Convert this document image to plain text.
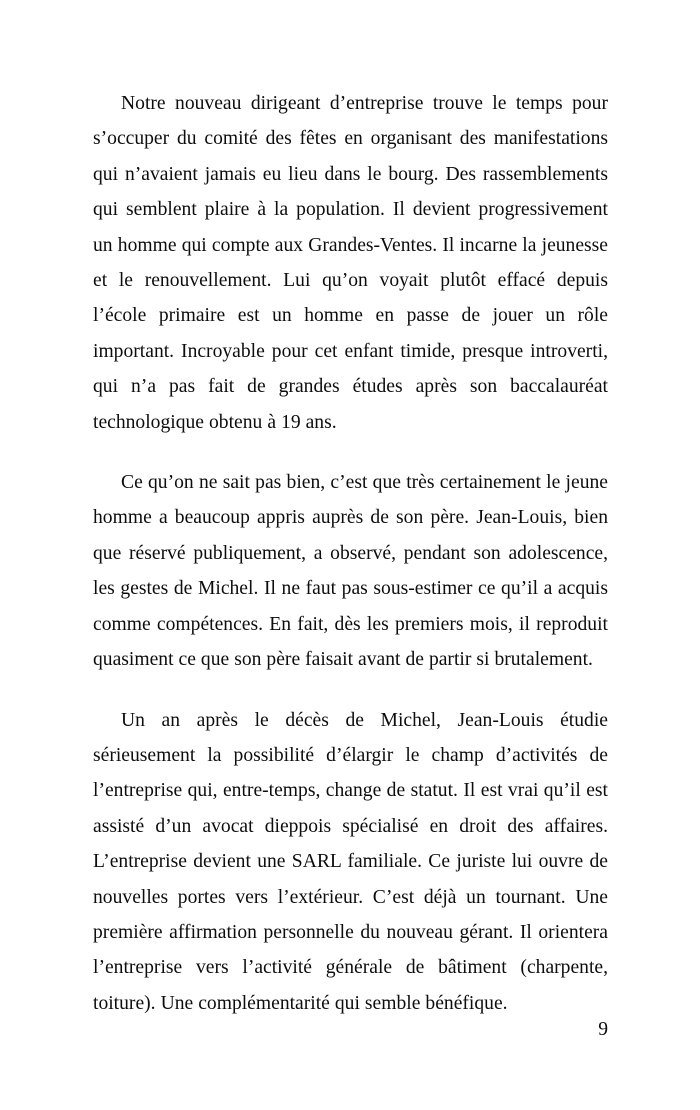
Notre nouveau dirigeant d’entreprise trouve le temps pour s’occuper du comité des fêtes en organisant des manifestations qui n’avaient jamais eu lieu dans le bourg. Des rassemblements qui semblent plaire à la population. Il devient progressivement un homme qui compte aux Grandes-Ventes. Il incarne la jeunesse et le renouvellement. Lui qu’on voyait plutôt effacé depuis l’école primaire est un homme en passe de jouer un rôle important. Incroyable pour cet enfant timide, presque introverti, qui n’a pas fait de grandes études après son baccalauréat technologique obtenu à 19 ans.

Ce qu’on ne sait pas bien, c’est que très certainement le jeune homme a beaucoup appris auprès de son père. Jean-Louis, bien que réservé publiquement, a observé, pendant son adolescence, les gestes de Michel. Il ne faut pas sous-estimer ce qu’il a acquis comme compétences. En fait, dès les premiers mois, il reproduit quasiment ce que son père faisait avant de partir si brutalement.

Un an après le décès de Michel, Jean-Louis étudie sérieusement la possibilité d’élargir le champ d’activités de l’entreprise qui, entre-temps, change de statut. Il est vrai qu’il est assisté d’un avocat dieppois spécialisé en droit des affaires. L’entreprise devient une SARL familiale. Ce juriste lui ouvre de nouvelles portes vers l’extérieur. C’est déjà un tournant. Une première affirmation personnelle du nouveau gérant. Il orientera l’entreprise vers l’activité générale de bâtiment (charpente, toiture). Une complémentarité qui semble bénéfique.

9
